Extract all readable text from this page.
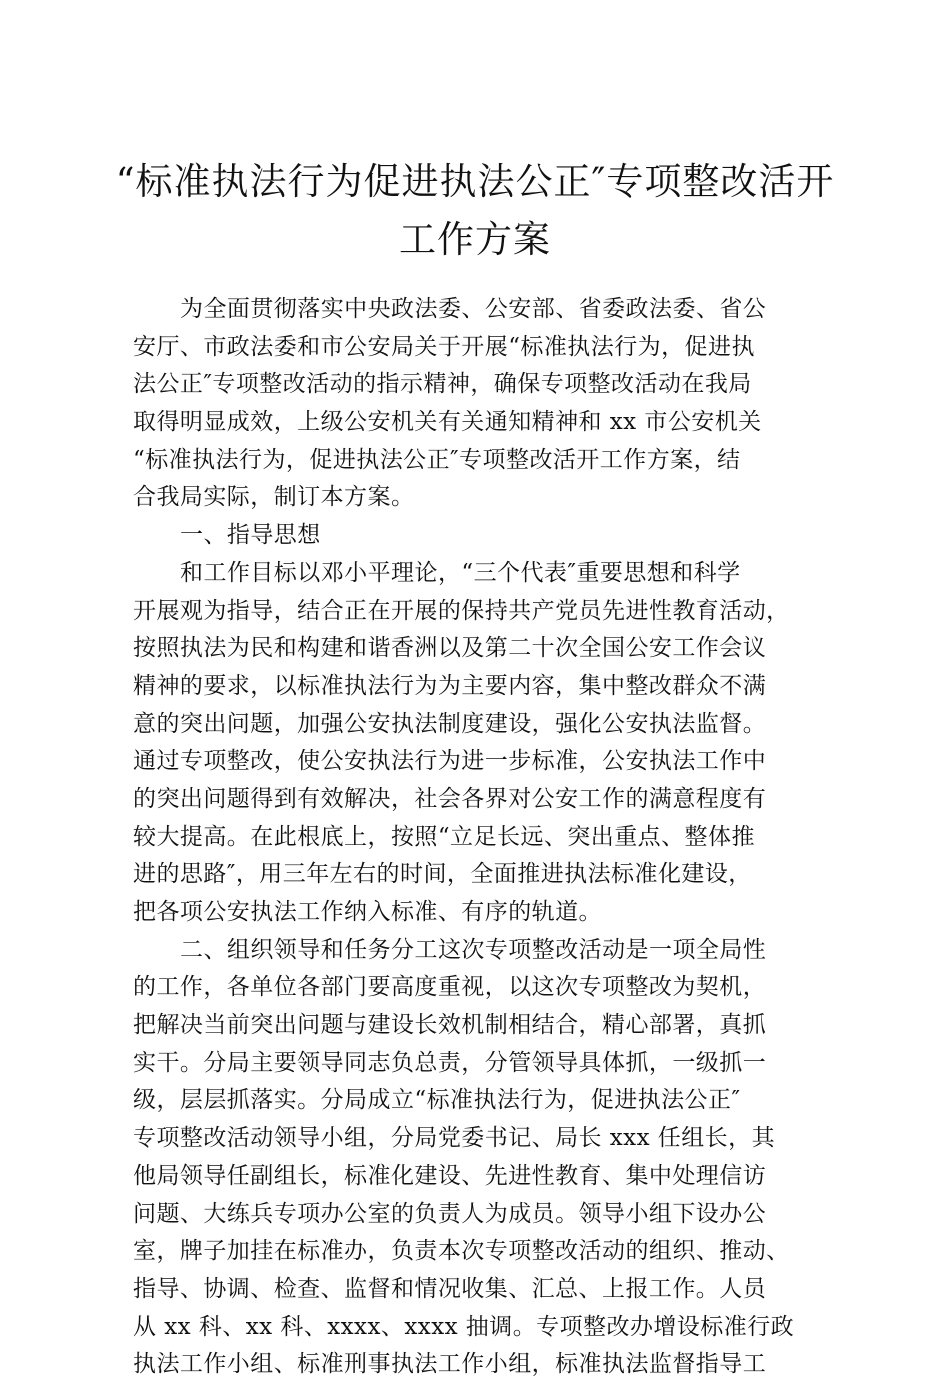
“标准执法行为促进执法公正″专项整改活开
工作方案
为全面贯彻落实中央政法委、公安部、省委政法委、省公
安厅、市政法委和市公安局关于开展“标准执法行为，促进执
法公正″专项整改活动的指示精神，确保专项整改活动在我局
取得明显成效，上级公安机关有关通知精神和 xx 市公安机关
“标准执法行为，促进执法公正″专项整改活开工作方案，结
合我局实际，制订本方案。
一、指导思想
和工作目标以邓小平理论，“三个代表″重要思想和科学
开展观为指导，结合正在开展的保持共产党员先进性教育活动，
按照执法为民和构建和谐香洲以及第二十次全国公安工作会议
精神的要求，以标准执法行为为主要内容，集中整改群众不满
意的突出问题，加强公安执法制度建设，强化公安执法监督。
通过专项整改，使公安执法行为进一步标准，公安执法工作中
的突出问题得到有效解决，社会各界对公安工作的满意程度有
较大提高。在此根底上，按照“立足长远、突出重点、整体推
进的思路″，用三年左右的时间，全面推进执法标准化建设，
把各项公安执法工作纳入标准、有序的轨道。
二、组织领导和任务分工这次专项整改活动是一项全局性
的工作，各单位各部门要高度重视，以这次专项整改为契机，
把解决当前突出问题与建设长效机制相结合，精心部署，真抓
实干。分局主要领导同志负总责，分管领导具体抓，一级抓一
级，层层抓落实。分局成立“标准执法行为，促进执法公正″
专项整改活动领导小组，分局党委书记、局长 xxx 任组长，其
他局领导任副组长，标准化建设、先进性教育、集中处理信访
问题、大练兵专项办公室的负责人为成员。领导小组下设办公
室，牌子加挂在标准办，负责本次专项整改活动的组织、推动、
指导、协调、检查、监督和情况收集、汇总、上报工作。人员
从 xx 科、xx 科、xxxx、xxxx 抽调。专项整改办增设标准行政
执法工作小组、标准刑事执法工作小组，标准执法监督指导工
